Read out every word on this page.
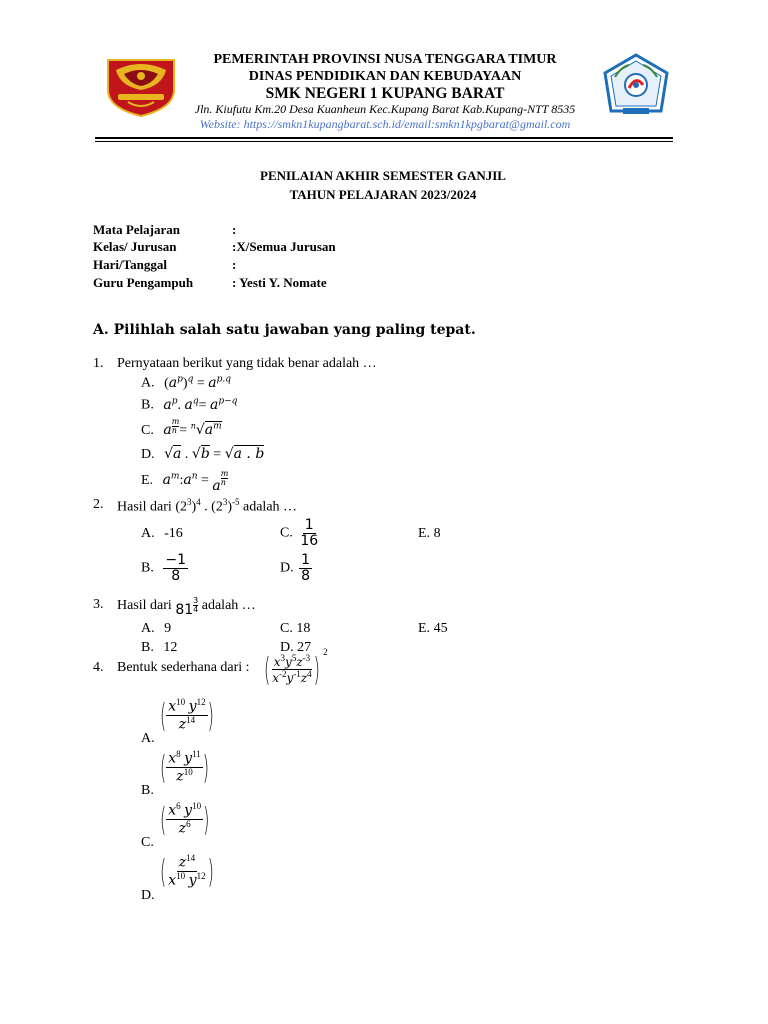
PEMERINTAH PROVINSI NUSA TENGGARA TIMUR
DINAS PENDIDIKAN DAN KEBUDAYAAN
SMK NEGERI 1 KUPANG BARAT
Jln. Kiufutu Km.20 Desa Kuanheun Kec.Kupang Barat Kab.Kupang-NTT 8535
Website: https://smkn1kupangbarat.sch.id/email:smkn1kpgbarat@gmail.com
PENILAIAN AKHIR SEMESTER GANJIL
TAHUN PELAJARAN 2023/2024
Mata Pelajaran	:
Kelas/ Jurusan	:X/Semua Jurusan
Hari/Tanggal	:
Guru Pengampuh	: Yesti Y. Nomate
A. Pilihlah salah satu jawaban yang paling tepat.
1. Pernyataan berikut yang tidak benar adalah …
A. $(a^p)^q = a^{p.q}$
B. $a^p$. $a^q= a^{p-q}$
C. a $\frac{m}{n} = ^n√a^m$
D. √a . √b = √a . b
E. $a^m:a^n = a \frac{m}{n}$
2. Hasil dari $(2^3)^4$ . $(2^3)^{-5}$ adalah …
A. -16	C. $\frac{1}{16}$	E. 8
B. $\frac{-1}{8}$	D. $\frac{1}{8}$
3. Hasil dari $81 \frac{3}{4}$ adalah …
A. 9	C. 18	E. 45
B. 12	D. 27
4. Bentuk sederhana dari : ( $\frac{x^3y^5z^{-3}}{x^{-2}y^{-1}z^4}$ ) $^2$
( $\frac{x^{10} y^{12}}{z^{14}}$ )
A.
( $\frac{x^8 y^{11}}{z^{10}}$ )
B.
( $\frac{x^6 y^{10}}{z^6}$ )
C.
( $\frac{z^{14}}{x^{10} y^{12}}$ )
D.
